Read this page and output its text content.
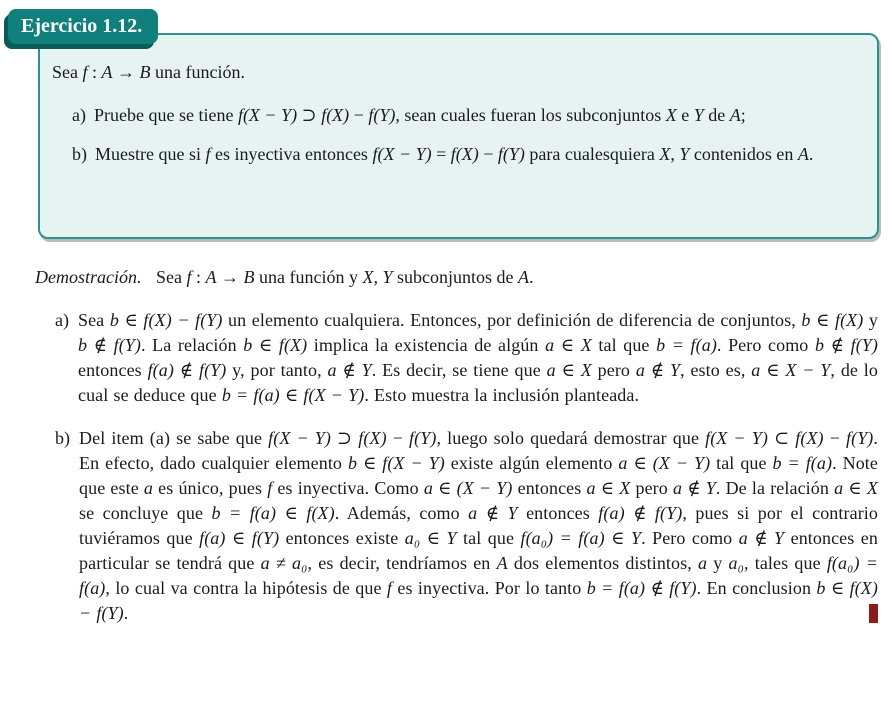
Ejercicio 1.12.

Sea f : A → B una función.

a) Pruebe que se tiene f(X − Y) ⊃ f(X) − f(Y), sean cuales fueran los subconjuntos X e Y de A;
b) Muestre que si f es inyectiva entonces f(X − Y) = f(X) − f(Y) para cualesquiera X, Y contenidos en A.

Demostración. Sea f : A → B una función y X, Y subconjuntos de A.

a) Sea b ∈ f(X) − f(Y) un elemento cualquiera. Entonces, por definición de diferencia de conjuntos, b ∈ f(X) y b ∉ f(Y). La relación b ∈ f(X) implica la existencia de algún a ∈ X tal que b = f(a). Pero como b ∉ f(Y) entonces f(a) ∉ f(Y) y, por tanto, a ∉ Y. Es decir, se tiene que a ∈ X pero a ∉ Y, esto es, a ∈ X − Y, de lo cual se deduce que b = f(a) ∈ f(X − Y). Esto muestra la inclusión planteada.
b) Del item (a) se sabe que f(X − Y) ⊃ f(X) − f(Y), luego solo quedará demostrar que f(X − Y) ⊂ f(X) − f(Y). En efecto, dado cualquier elemento b ∈ f(X − Y) existe algún elemento a ∈ (X − Y) tal que b = f(a). Note que este a es único, pues f es inyectiva. Como a ∈ (X − Y) entonces a ∈ X pero a ∉ Y. De la relación a ∈ X se concluye que b = f(a) ∈ f(X). Además, como a ∉ Y entonces f(a) ∉ f(Y), pues si por el contrario tuviéramos que f(a) ∈ f(Y) entonces existe a₀ ∈ Y tal que f(a₀) = f(a) ∈ Y. Pero como a ∉ Y entonces en particular se tendrá que a ≠ a₀, es decir, tendríamos en A dos elementos distintos, a y a₀, tales que f(a₀) = f(a), lo cual va contra la hipótesis de que f es inyectiva. Por lo tanto b = f(a) ∉ f(Y). En conclusion b ∈ f(X) − f(Y).
